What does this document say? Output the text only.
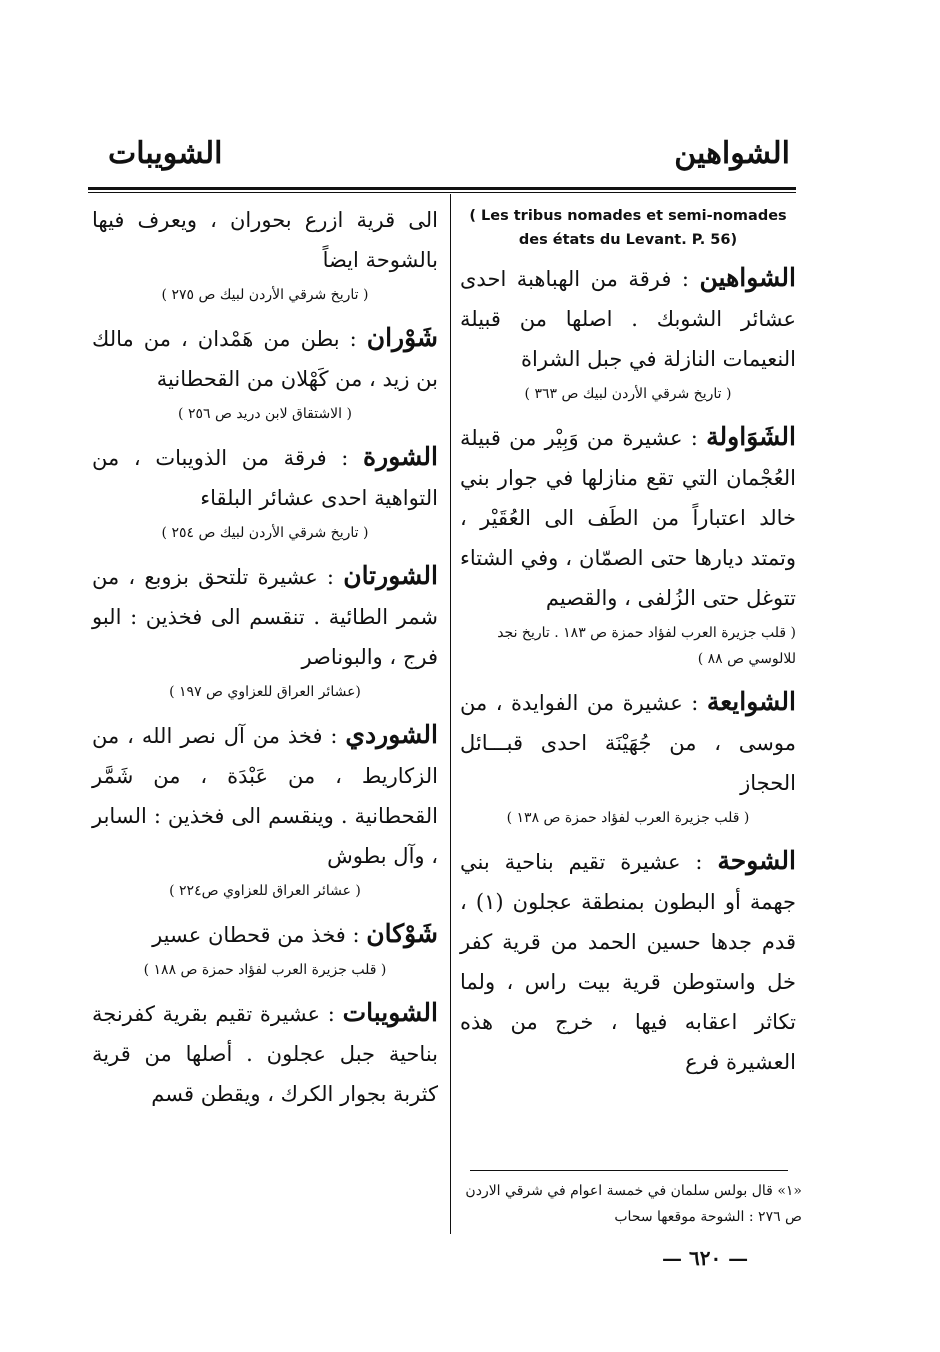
الشواهين
الشويبات
( Les tribus nomades et semi-nomades des états du Levant. P. 56)

الشواهين : فرقة من الهباهبة احدى عشائر الشوبك . اصلها من قبيلة النعيمات النازلة في جبل الشراة

( تاريخ شرقي الأردن لبيك ص ٣٦٣ )

الشَوَاولة : عشيرة من وَبِيْر من قبيلة العُجْمان التي تقع منازلها في جوار بني خالد اعتباراً من الطَف الى العُقَيْر ، وتمتد ديارها حتى الصمّان ، وفي الشتاء تتوغل حتى الزُلفى ، والقصيم

( قلب جزيرة العرب لفؤاد حمزة ص ١٨٣ . تاريخ نجد للالوسي ص ٨٨ )

الشوايعة : عشيرة من الفوايدة ، من موسى ، من جُهَيْنَة احدى قبـــائل الحجاز

( قلب جزيرة العرب لفؤاد حمزة ص ١٣٨ )

الشوحة : عشيرة تقيم بناحية بني جهمة أو البطون بمنطقة عجلون (١) ، قدم جدها حسين الحمد من قرية كفر خل واستوطن قرية بيت راس ، ولما تكاثر اعقابه فيها ، خرج من هذه العشيرة فرع

«١» قال بولس سلمان في خمسة اعوام في شرقي الاردن ص ٢٧٦ : الشوحة موقعها سحاب

الى قرية ازرع بحوران ، ويعرف فيها بالشوحة ايضاً

( تاريخ شرقي الأردن لبيك ص ٢٧٥ )

شَوْران : بطن من هَمْدان ، من مالك بن زيد ، من كَهْلان من القحطانية

( الاشتقاق لابن دريد ص ٢٥٦ )

الشورة : فرقة من الذويبات ، من التواهية احدى عشائر البلقاء

( تاريخ شرقي الأردن لبيك ص ٢٥٤ )

الشورتان : عشيرة تلتحق بزوبع ، من شمر الطائية . تنقسم الى فخذين : البو فرج ، والبوناصر

(عشائر العراق للعزاوي ص ١٩٧ )

الشوردي : فخذ من آل نصر الله ، من الزكاريط ، من عَبْدَة ، من شَمَّر القحطانية . وينقسم الى فخذين : السابر ، وآل بطوش

( عشائر العراق للعزاوي ص٢٢٤ )

شَوْكان : فخذ من قحطان عسير

( قلب جزيرة العرب لفؤاد حمزة ص ١٨٨ )

الشويبات : عشيرة تقيم بقرية كفرنجة بناحية جبل عجلون . أصلها من قرية كثربة بجوار الكرك ، ويقطن قسم

— ٦٢٠ —
